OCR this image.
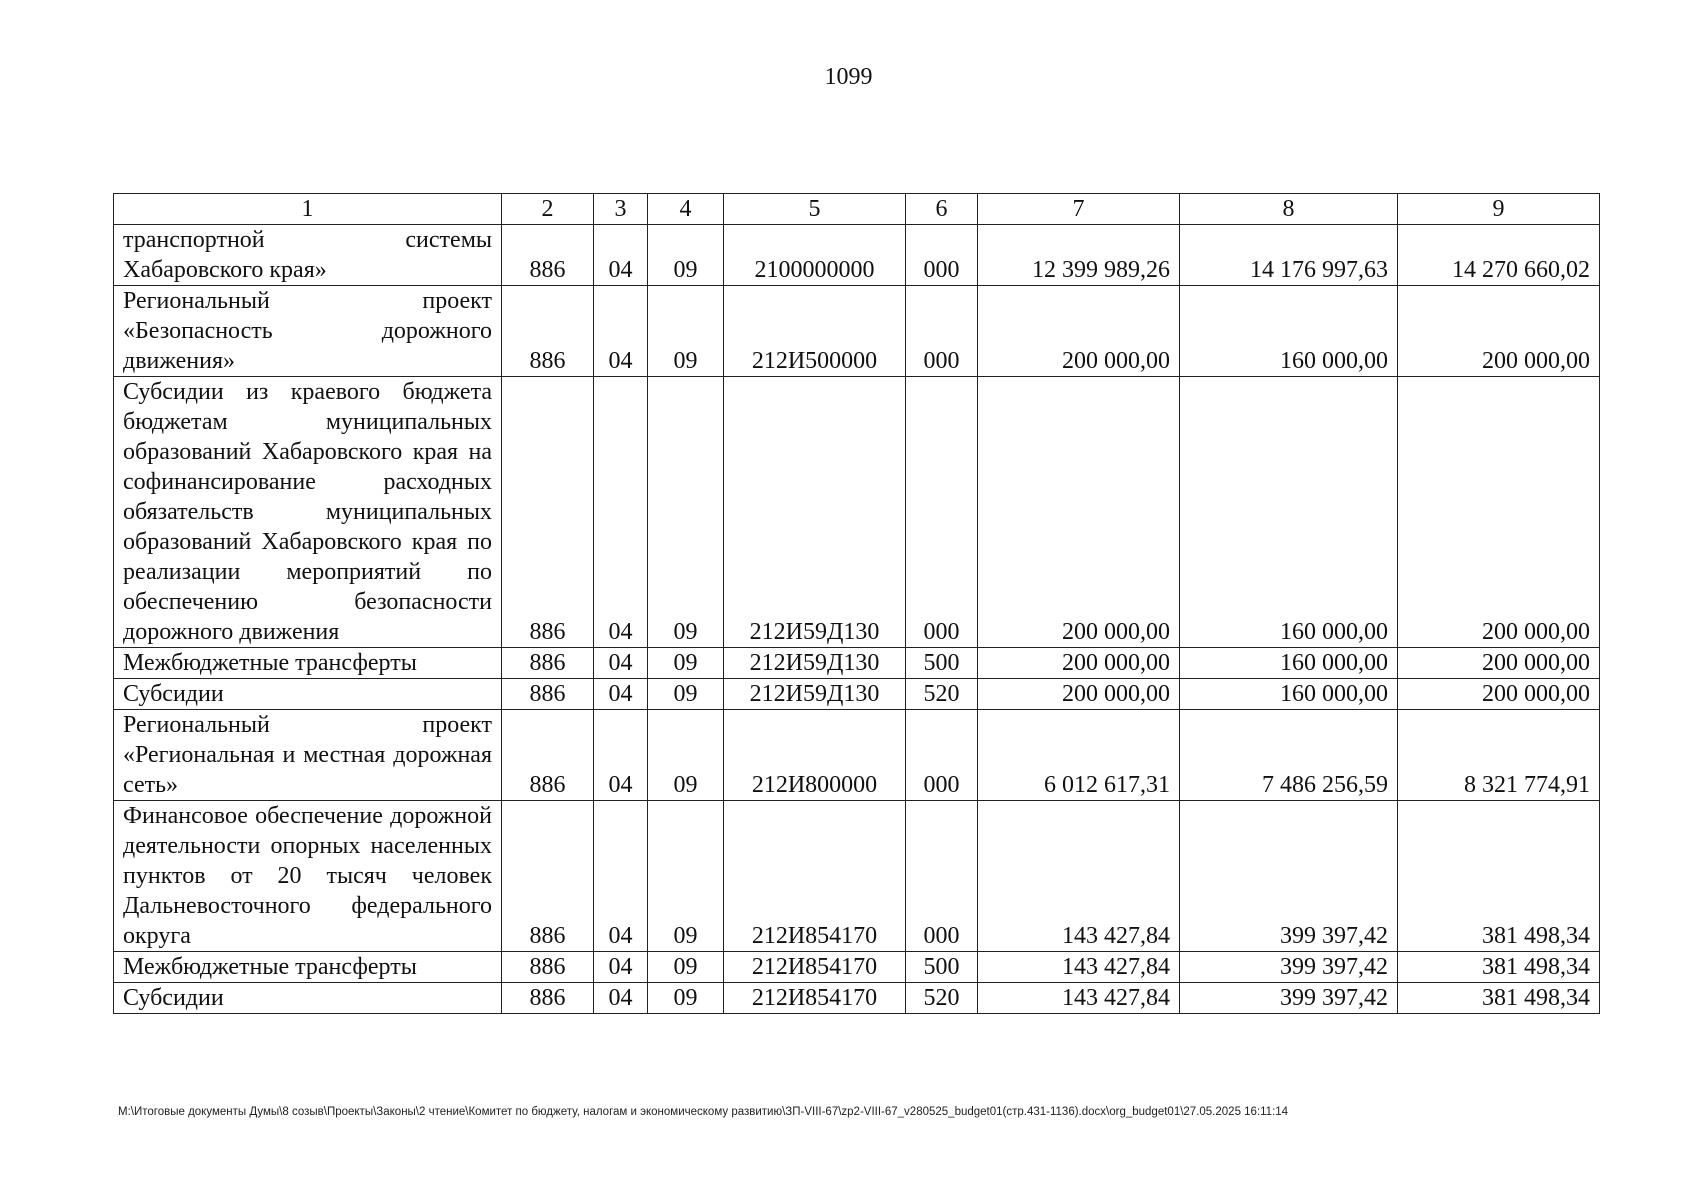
1099
1	2	3	4	5	6	7	8	9
транспортной системы Хабаровского края»	886	04	09	2100000000	000	12 399 989,26	14 176 997,63	14 270 660,02
Региональный проект «Безопасность дорожного движения»	886	04	09	212И500000	000	200 000,00	160 000,00	200 000,00
Субсидии из краевого бюджета бюджетам муниципальных образований Хабаровского края на софинансирование расходных обязательств муниципальных образований Хабаровского края по реализации мероприятий по обеспечению безопасности дорожного движения	886	04	09	212И59Д130	000	200 000,00	160 000,00	200 000,00
Межбюджетные трансферты	886	04	09	212И59Д130	500	200 000,00	160 000,00	200 000,00
Субсидии	886	04	09	212И59Д130	520	200 000,00	160 000,00	200 000,00
Региональный проект «Региональная и местная дорожная сеть»	886	04	09	212И800000	000	6 012 617,31	7 486 256,59	8 321 774,91
Финансовое обеспечение дорожной деятельности опорных населенных пунктов от 20 тысяч человек Дальневосточного федерального округа	886	04	09	212И854170	000	143 427,84	399 397,42	381 498,34
Межбюджетные трансферты	886	04	09	212И854170	500	143 427,84	399 397,42	381 498,34
Субсидии	886	04	09	212И854170	520	143 427,84	399 397,42	381 498,34
M:\Итоговые документы Думы\8 созыв\Проекты\Законы\2 чтение\Комитет по бюджету, налогам и экономическому развитию\ЗП-VIII-67\zp2-VIII-67_v280525_budget01(стр.431-1136).docx\org_budget01\27.05.2025 16:11:14
